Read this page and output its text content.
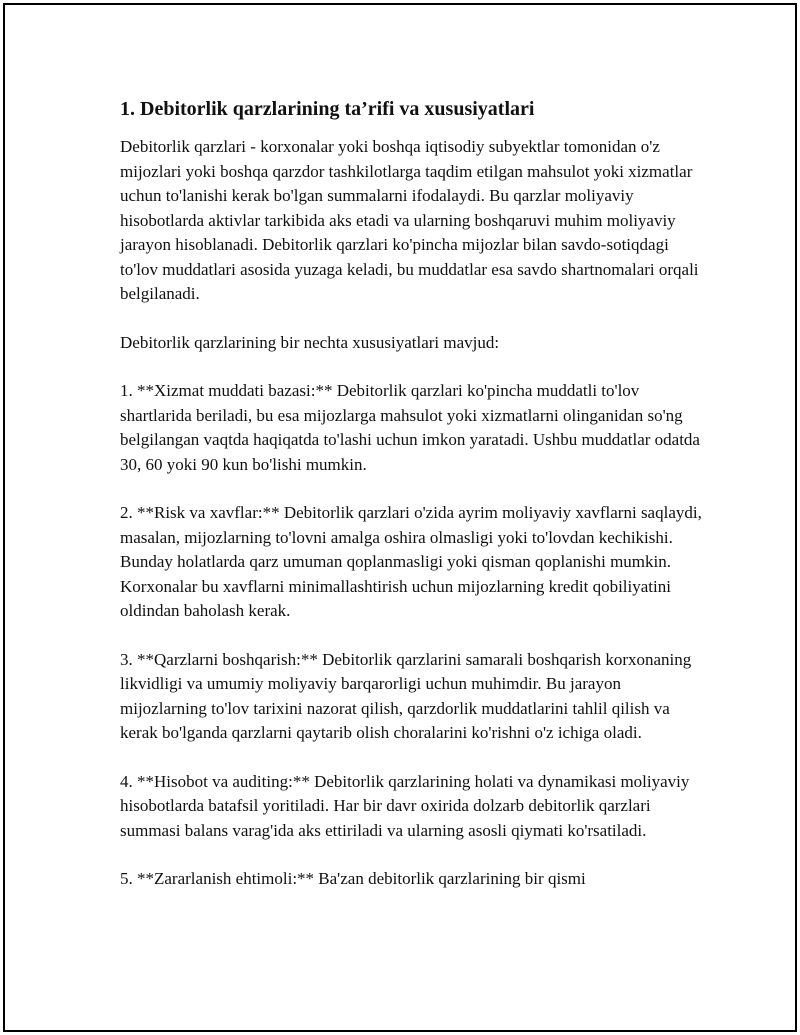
1. Debitorlik qarzlarining ta’rifi va xususiyatlari

Debitorlik qarzlari - korxonalar yoki boshqa iqtisodiy subyektlar tomonidan o'z mijozlari yoki boshqa qarzdor tashkilotlarga taqdim etilgan mahsulot yoki xizmatlar uchun to'lanishi kerak bo'lgan summalarni ifodalaydi. Bu qarzlar moliyaviy hisobotlarda aktivlar tarkibida aks etadi va ularning boshqaruvi muhim moliyaviy jarayon hisoblanadi. Debitorlik qarzlari ko'pincha mijozlar bilan savdo-sotiqdagi to'lov muddatlari asosida yuzaga keladi, bu muddatlar esa savdo shartnomalari orqali belgilanadi.

Debitorlik qarzlarining bir nechta xususiyatlari mavjud:

1. **Xizmat muddati bazasi:** Debitorlik qarzlari ko'pincha muddatli to'lov shartlarida beriladi, bu esa mijozlarga mahsulot yoki xizmatlarni olinganidan so'ng belgilangan vaqtda haqiqatda to'lashi uchun imkon yaratadi. Ushbu muddatlar odatda 30, 60 yoki 90 kun bo'lishi mumkin.

2. **Risk va xavflar:** Debitorlik qarzlari o'zida ayrim moliyaviy xavflarni saqlaydi, masalan, mijozlarning to'lovni amalga oshira olmasligi yoki to'lovdan kechikishi. Bunday holatlarda qarz umuman qoplanmasligi yoki qisman qoplanishi mumkin. Korxonalar bu xavflarni minimallashtirish uchun mijozlarning kredit qobiliyatini oldindan baholash kerak.

3. **Qarzlarni boshqarish:** Debitorlik qarzlarini samarali boshqarish korxonaning likvidligi va umumiy moliyaviy barqarorligi uchun muhimdir. Bu jarayon mijozlarning to'lov tarixini nazorat qilish, qarzdorlik muddatlarini tahlil qilish va kerak bo'lganda qarzlarni qaytarib olish choralarini ko'rishni o'z ichiga oladi.

4. **Hisobot va auditing:** Debitorlik qarzlarining holati va dynamikasi moliyaviy hisobotlarda batafsil yoritiladi. Har bir davr oxirida dolzarb debitorlik qarzlari summasi balans varag'ida aks ettiriladi va ularning asosli qiymati ko'rsatiladi.

5. **Zararlanish ehtimoli:** Ba'zan debitorlik qarzlarining bir qismi
